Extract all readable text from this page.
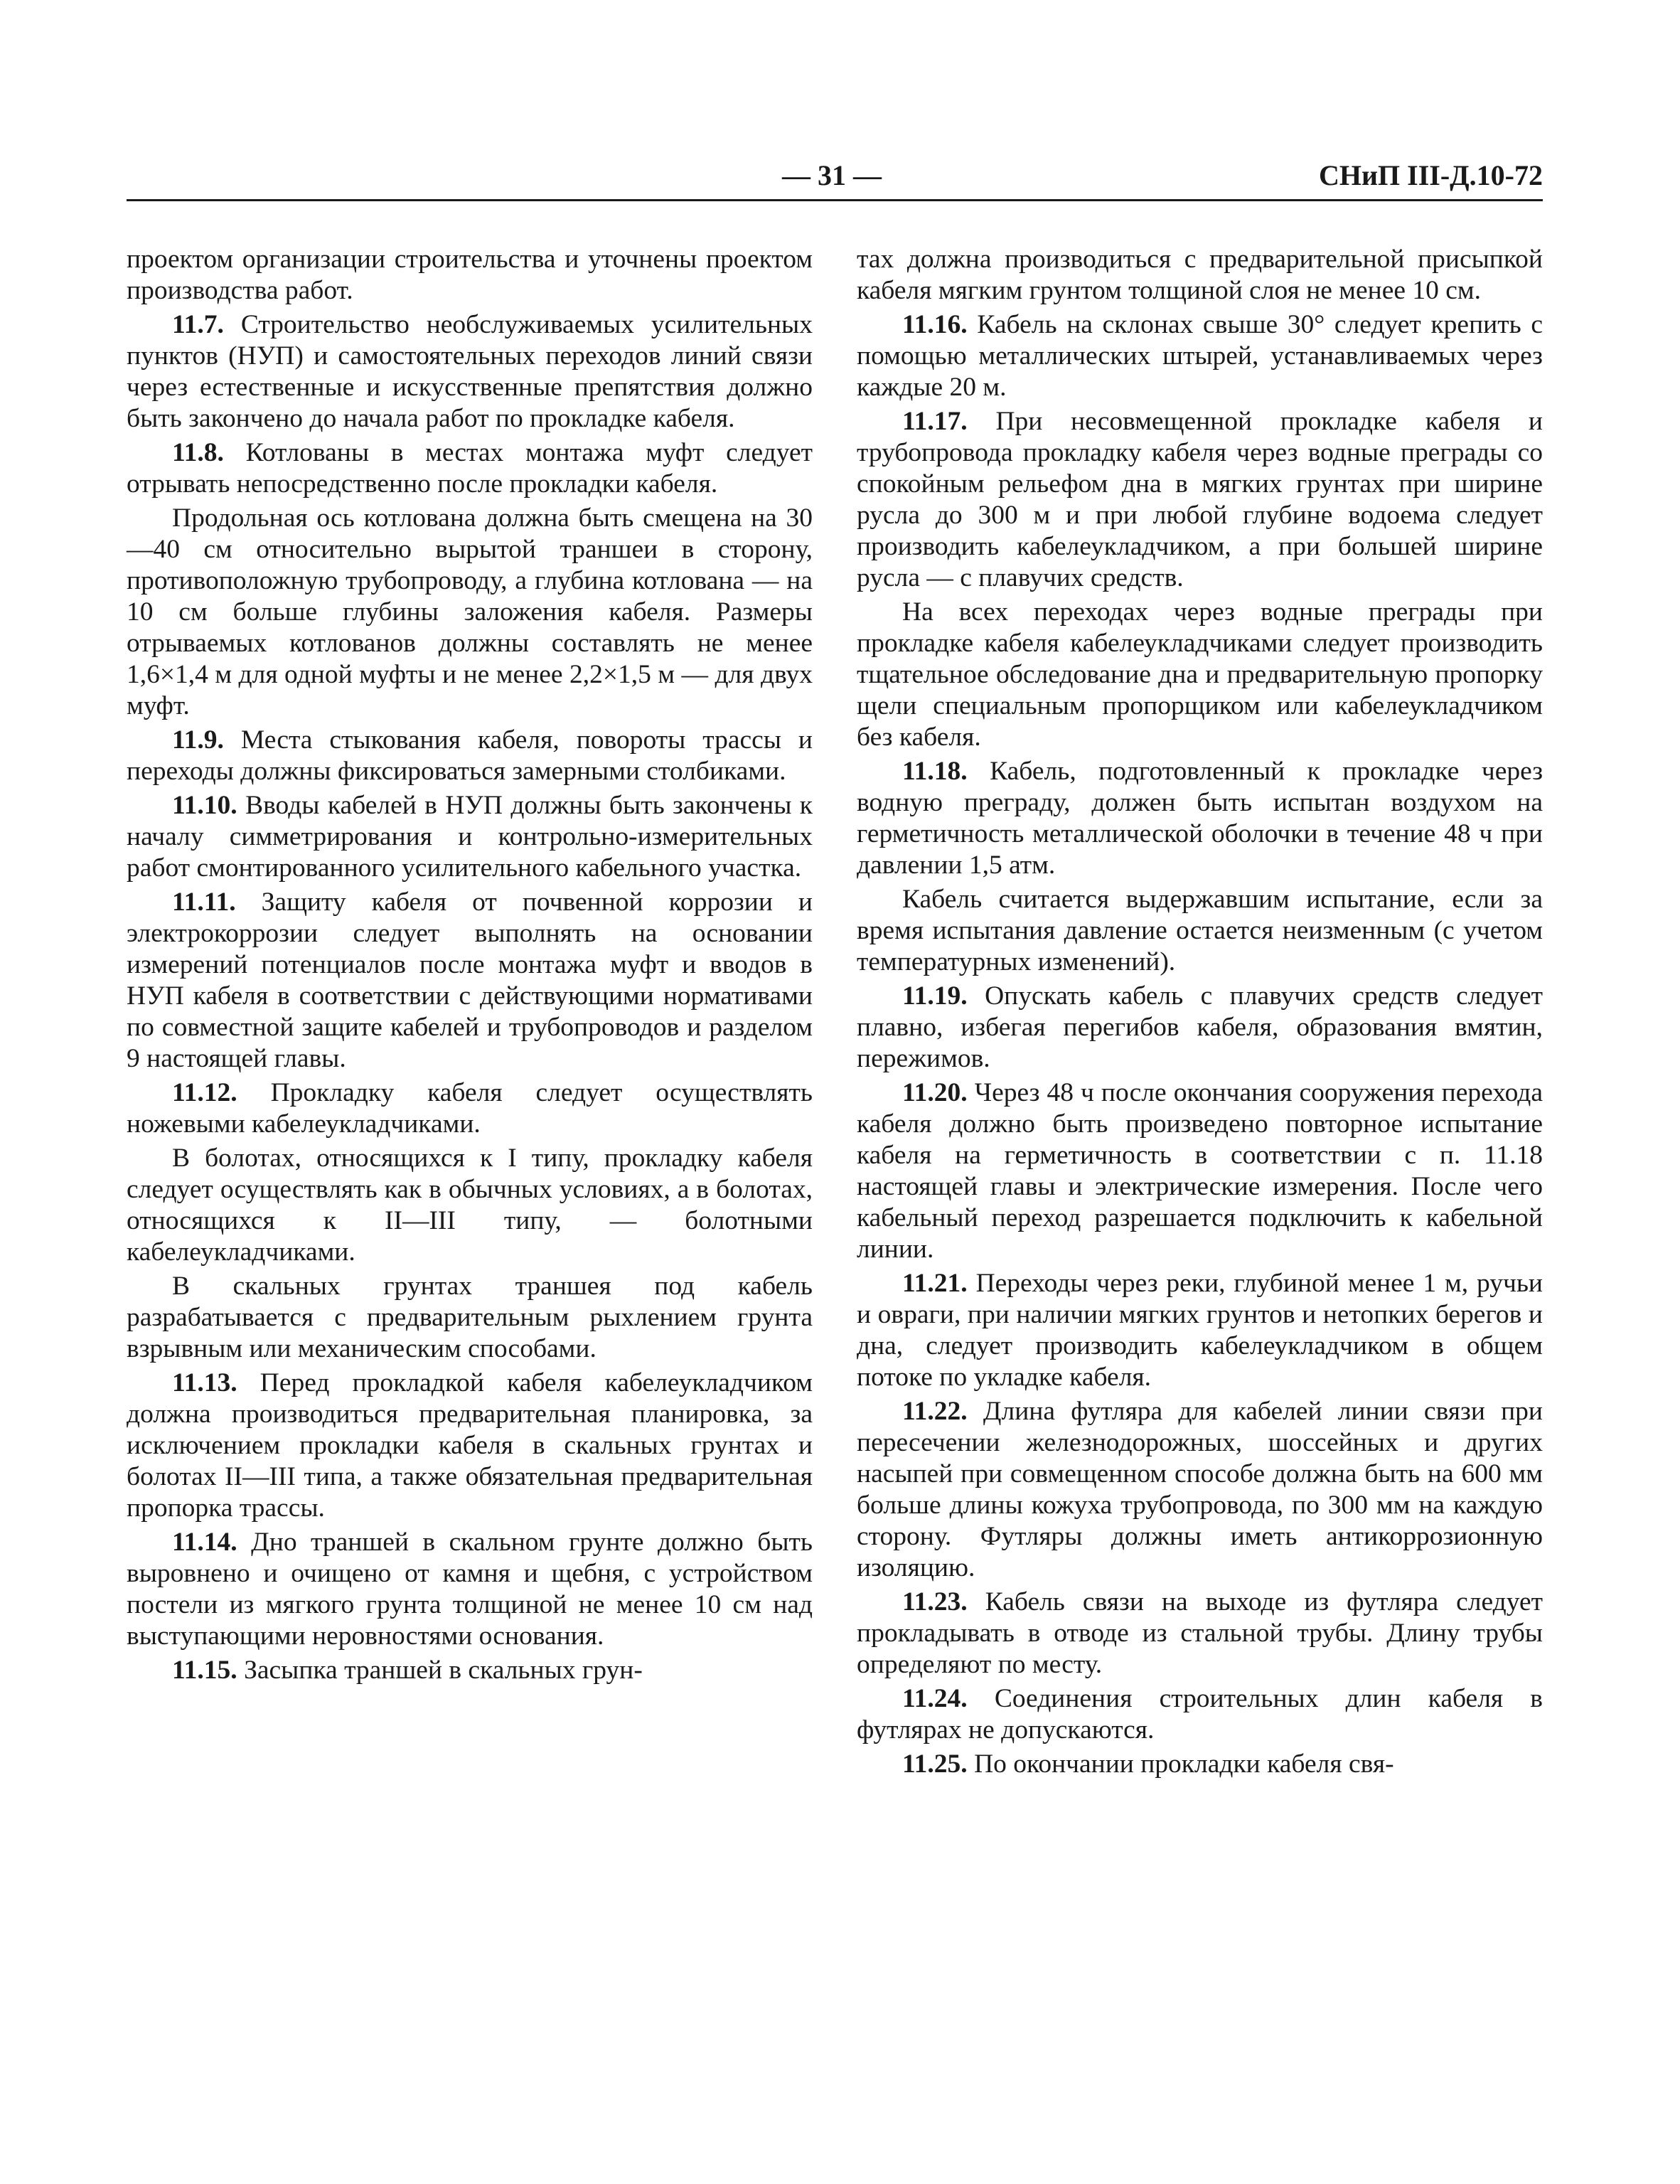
— 31 —	СНиП III-Д.10-72

проектом организации строительства и уточнены проектом производства работ.

11.7. Строительство необслуживаемых усилительных пунктов (НУП) и самостоятельных переходов линий связи через естественные и искусственные препятствия должно быть закончено до начала работ по прокладке кабеля.

11.8. Котлованы в местах монтажа муфт следует отрывать непосредственно после прокладки кабеля.

Продольная ось котлована должна быть смещена на 30—40 см относительно вырытой траншеи в сторону, противоположную трубопроводу, а глубина котлована — на 10 см больше глубины заложения кабеля. Размеры отрываемых котлованов должны составлять не менее 1,6×1,4 м для одной муфты и не менее 2,2×1,5 м — для двух муфт.

11.9. Места стыкования кабеля, повороты трассы и переходы должны фиксироваться замерными столбиками.

11.10. Вводы кабелей в НУП должны быть закончены к началу симметрирования и контрольно-измерительных работ смонтированного усилительного кабельного участка.

11.11. Защиту кабеля от почвенной коррозии и электрокоррозии следует выполнять на основании измерений потенциалов после монтажа муфт и вводов в НУП кабеля в соответствии с действующими нормативами по совместной защите кабелей и трубопроводов и разделом 9 настоящей главы.

11.12. Прокладку кабеля следует осуществлять ножевыми кабелеукладчиками.

В болотах, относящихся к I типу, прокладку кабеля следует осуществлять как в обычных условиях, а в болотах, относящихся к II—III типу, — болотными кабелеукладчиками.

В скальных грунтах траншея под кабель разрабатывается с предварительным рыхлением грунта взрывным или механическим способами.

11.13. Перед прокладкой кабеля кабелеукладчиком должна производиться предварительная планировка, за исключением прокладки кабеля в скальных грунтах и болотах II—III типа, а также обязательная предварительная пропорка трассы.

11.14. Дно траншей в скальном грунте должно быть выровнено и очищено от камня и щебня, с устройством постели из мягкого грунта толщиной не менее 10 см над выступающими неровностями основания.

11.15. Засыпка траншей в скальных грун-

тах должна производиться с предварительной присыпкой кабеля мягким грунтом толщиной слоя не менее 10 см.

11.16. Кабель на склонах свыше 30° следует крепить с помощью металлических штырей, устанавливаемых через каждые 20 м.

11.17. При несовмещенной прокладке кабеля и трубопровода прокладку кабеля через водные преграды со спокойным рельефом дна в мягких грунтах при ширине русла до 300 м и при любой глубине водоема следует производить кабелеукладчиком, а при большей ширине русла — с плавучих средств.

На всех переходах через водные преграды при прокладке кабеля кабелеукладчиками следует производить тщательное обследование дна и предварительную пропорку щели специальным пропорщиком или кабелеукладчиком без кабеля.

11.18. Кабель, подготовленный к прокладке через водную преграду, должен быть испытан воздухом на герметичность металлической оболочки в течение 48 ч при давлении 1,5 атм.

Кабель считается выдержавшим испытание, если за время испытания давление остается неизменным (с учетом температурных изменений).

11.19. Опускать кабель с плавучих средств следует плавно, избегая перегибов кабеля, образования вмятин, пережимов.

11.20. Через 48 ч после окончания сооружения перехода кабеля должно быть произведено повторное испытание кабеля на герметичность в соответствии с п. 11.18 настоящей главы и электрические измерения. После чего кабельный переход разрешается подключить к кабельной линии.

11.21. Переходы через реки, глубиной менее 1 м, ручьи и овраги, при наличии мягких грунтов и нетопких берегов и дна, следует производить кабелеукладчиком в общем потоке по укладке кабеля.

11.22. Длина футляра для кабелей линии связи при пересечении железнодорожных, шоссейных и других насыпей при совмещенном способе должна быть на 600 мм больше длины кожуха трубопровода, по 300 мм на каждую сторону. Футляры должны иметь антикоррозионную изоляцию.

11.23. Кабель связи на выходе из футляра следует прокладывать в отводе из стальной трубы. Длину трубы определяют по месту.

11.24. Соединения строительных длин кабеля в футлярах не допускаются.

11.25. По окончании прокладки кабеля свя-
